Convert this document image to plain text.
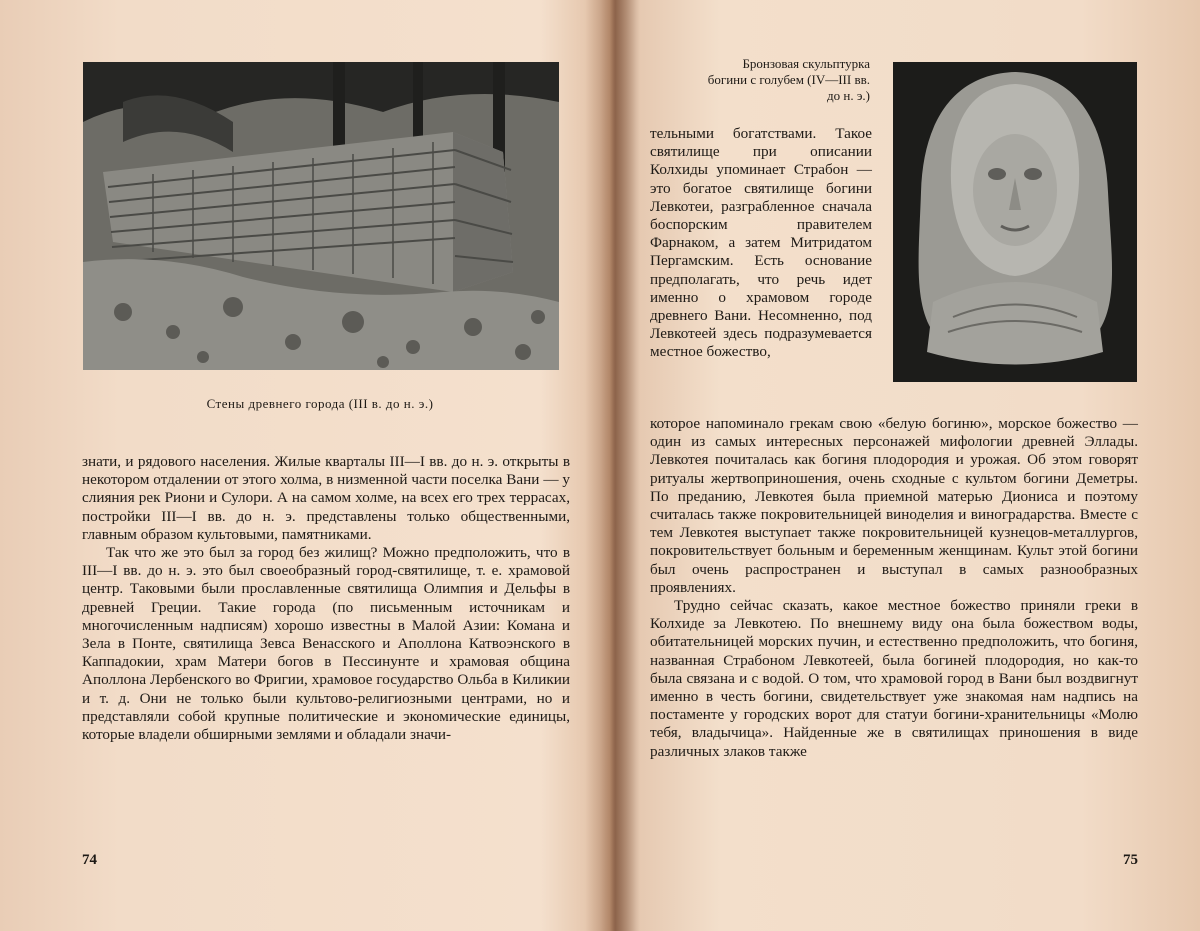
Стены древнего города (III в. до н. э.)

знати, и рядового населения. Жилые кварталы III—I вв. до н. э. открыты в некотором отдалении от этого холма, в низменной части поселка Вани — у слияния рек Риони и Сулори. А на самом холме, на всех его трех террасах, постройки III—I вв. до н. э. представлены только общественными, главным образом культовыми, памятниками.

Так что же это был за город без жилищ? Можно предположить, что в III—I вв. до н. э. это был своеобразный город-святилище, т. е. храмовой центр. Таковыми были прославленные святилища Олимпия и Дельфы в древней Греции. Такие города (по письменным источникам и многочисленным надписям) хорошо известны в Малой Азии: Комана и Зела в Понте, святилища Зевса Венасского и Аполлона Катвоэнского в Каппадокии, храм Матери богов в Пессинунте и храмовая община Аполлона Лербенского во Фригии, храмовое государство Ольба в Киликии и т. д. Они не только были культово-религиозными центрами, но и представляли собой крупные политические и экономические единицы, которые владели обширными землями и обладали значи-

74
Бронзовая скульптурка богини с голубем (IV—III вв. до н. э.)
тельными богатствами. Такое святилище при описании Колхиды упоминает Страбон — это богатое святилище богини Левкотеи, разграбленное сначала боспорским правителем Фарнаком, а затем Митридатом Пергамским. Есть основание предполагать, что речь идет именно о храмовом городе древнего Вани. Несомненно, под Левкотеей здесь подразумевается местное божество,

которое напоминало грекам свою «белую богиню», морское божество — один из самых интересных персонажей мифологии древней Эллады. Левкотея почиталась как богиня плодородия и урожая. Об этом говорят ритуалы жертвоприношения, очень сходные с культом богини Деметры. По преданию, Левкотея была приемной матерью Диониса и поэтому считалась также покровительницей виноделия и виноградарства. Вместе с тем Левкотея выступает также покровительницей кузнецов-металлургов, покровительствует больным и беременным женщинам. Культ этой богини был очень распространен и выступал в самых разнообразных проявлениях.

Трудно сейчас сказать, какое местное божество приняли греки в Колхиде за Левкотею. По внешнему виду она была божеством воды, обитательницей морских пучин, и естественно предположить, что богиня, названная Страбоном Левкотеей, была богиней плодородия, но как-то была связана и с водой. О том, что храмовой город в Вани был воздвигнут именно в честь богини, свидетельствует уже знакомая нам надпись на постаменте у городских ворот для статуи богини-хранительницы «Молю тебя, владычица». Найденные же в святилищах приношения в виде различных злаков также

75
